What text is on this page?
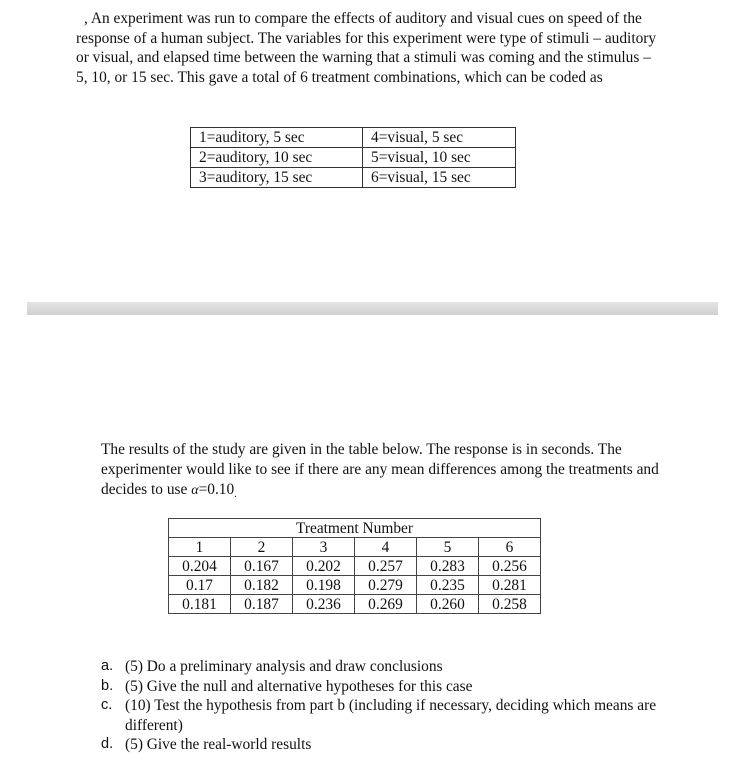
, An experiment was run to compare the effects of auditory and visual cues on speed of the response of a human subject. The variables for this experiment were type of stimuli – auditory or visual, and elapsed time between the warning that a stimuli was coming and the stimulus – 5, 10, or 15 sec. This gave a total of 6 treatment combinations, which can be coded as
1=auditory, 5 sec	4=visual, 5 sec
2=auditory, 10 sec	5=visual, 10 sec
3=auditory, 15 sec	6=visual, 15 sec
The results of the study are given in the table below. The response is in seconds. The experimenter would like to see if there are any mean differences among the treatments and decides to use α=0.10.
Treatment Number					
1	2	3	4	5	6
0.204	0.167	0.202	0.257	0.283	0.256
0.17	0.182	0.198	0.279	0.235	0.281
0.181	0.187	0.236	0.269	0.260	0.258
a. (5) Do a preliminary analysis and draw conclusions
b. (5) Give the null and alternative hypotheses for this case
c. (10) Test the hypothesis from part b (including if necessary, deciding which means are different)
d. (5) Give the real-world results
